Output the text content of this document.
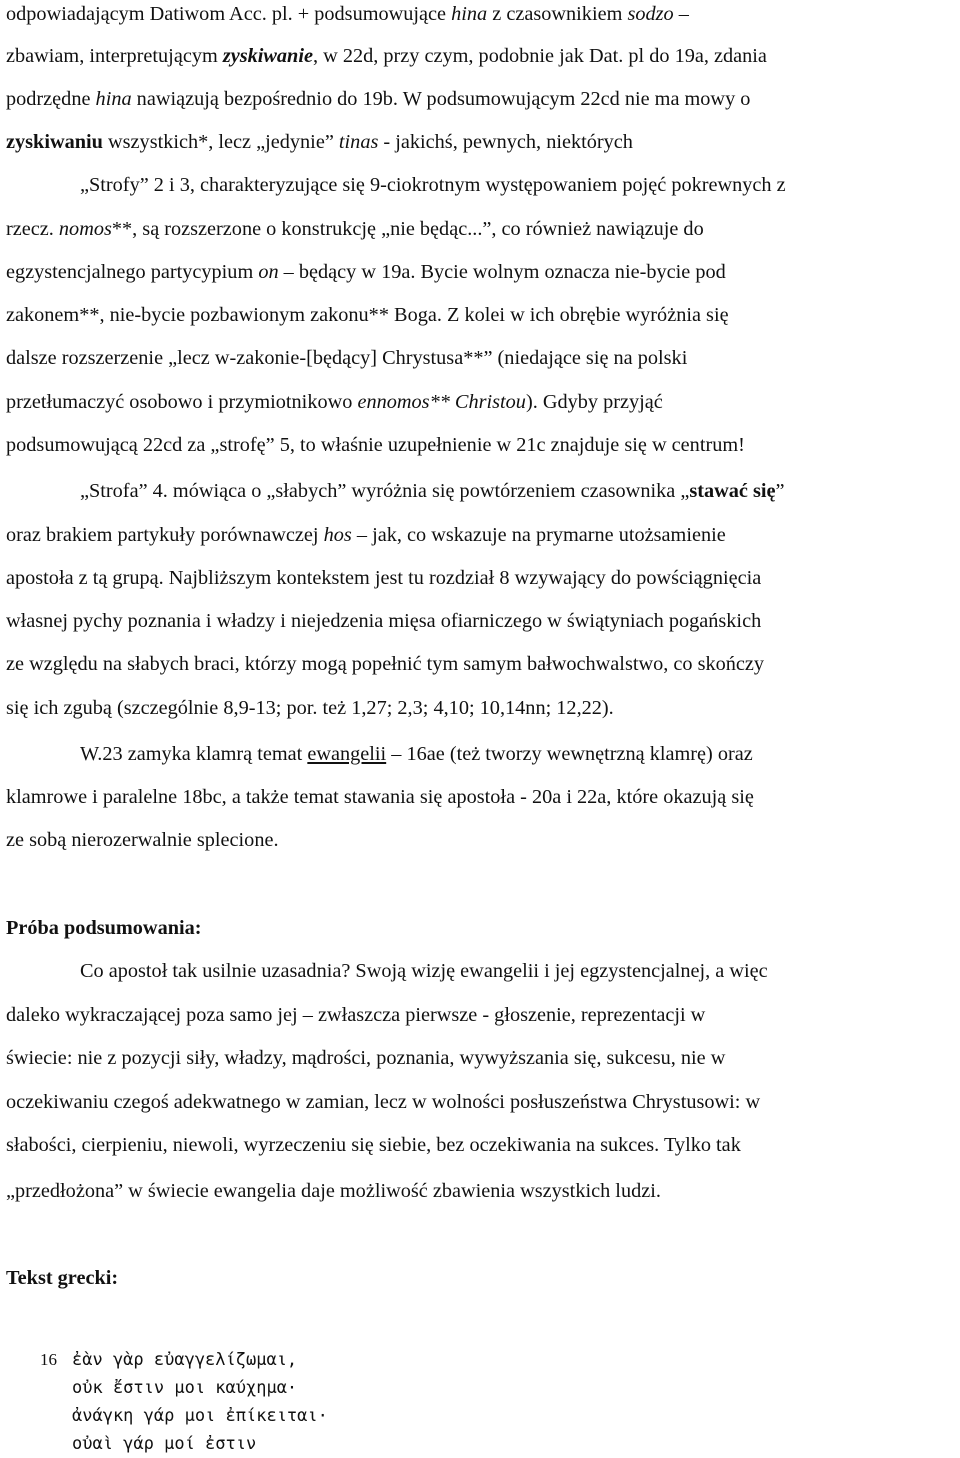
odpowiadającym Datiwom Acc. pl. + podsumowujące hina z czasownikiem sodzo –
zbawiam, interpretującym zyskiwanie, w 22d, przy czym, podobnie jak Dat. pl do 19a, zdania
podrzędne hina nawiązują bezpośrednio do 19b. W podsumowującym 22cd nie ma mowy o
zyskiwaniu wszystkich*, lecz „jedynie” tinas - jakichś, pewnych, niektórych
„Strofy” 2 i 3, charakteryzujące się 9-ciokrotnym występowaniem pojęć pokrewnych z
rzecz. nomos**, są rozszerzone o konstrukcję „nie będąc...”, co również nawiązuje do
egzystencjalnego partycypium on – będący w 19a. Bycie wolnym oznacza nie-bycie pod
zakonem**, nie-bycie pozbawionym zakonu** Boga. Z kolei w ich obrębie wyróżnia się
dalsze rozszerzenie „lecz w-zakonie-[będący] Chrystusa**” (niedające się na polski
przetłumaczyć osobowo i przymiotnikowo ennomos** Christou). Gdyby przyjąć
podsumowującą 22cd za „strofę” 5, to właśnie uzupełnienie w 21c znajduje się w centrum!
„Strofa” 4. mówiąca o „słabych” wyróżnia się powtórzeniem czasownika „stawać się”
oraz brakiem partykuły porównawczej hos – jak, co wskazuje na prymarne utożsamienie
apostoła z tą grupą. Najbliższym kontekstem jest tu rozdział 8 wzywający do powściągnięcia
własnej pychy poznania i władzy i niejedzenia mięsa ofiarniczego w świątyniach pogańskich
ze względu na słabych braci, którzy mogą popełnić tym samym bałwochwalstwo, co skończy
się ich zgubą (szczególnie 8,9-13; por. też 1,27; 2,3; 4,10; 10,14nn; 12,22).
W.23 zamyka klamrą temat ewangelii – 16ae (też tworzy wewnętrzną klamrę) oraz
klamrowe i paralelne 18bc, a także temat stawania się apostoła - 20a i 22a, które okazują się
ze sobą nierozerwalnie splecione.
Próba podsumowania:
Co apostoł tak usilnie uzasadnia? Swoją wizję ewangelii i jej egzystencjalnej, a więc
daleko wykraczającej poza samo jej – zwłaszcza pierwsze - głoszenie, reprezentacji w
świecie: nie z pozycji siły, władzy, mądrości, poznania, wywyższania się, sukcesu, nie w
oczekiwaniu czegoś adekwatnego w zamian, lecz w wolności posłuszeństwa Chrystusowi: w
słabości, cierpieniu, niewoli, wyrzeczeniu się siebie, bez oczekiwania na sukces. Tylko tak
„przedłożona” w świecie ewangelia daje możliwość zbawienia wszystkich ludzi.
Tekst grecki:
16 ἐὰν γὰρ εὐαγγελίζωμαι,
οὐκ ἔστιν μοι καύχημα·
ἀνάγκη γάρ μοι ἐπίκειται·
οὐαὶ γάρ μοί ἐστιν
